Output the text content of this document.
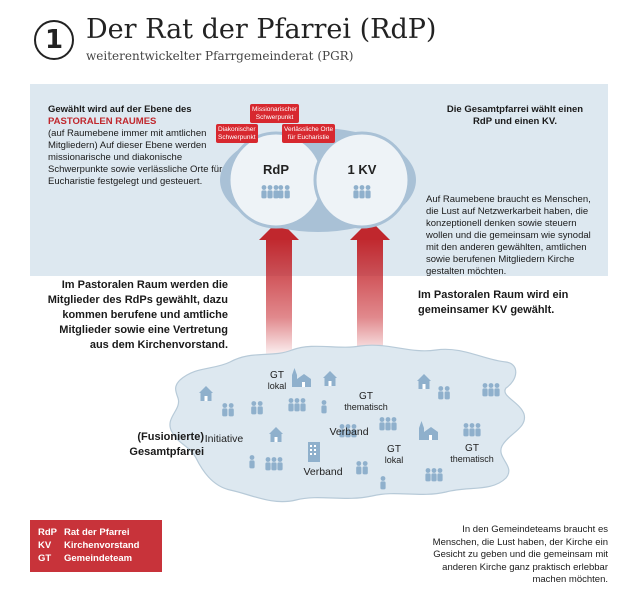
1 Der Rat der Pfarrei (RdP)
weiterentwickelter Pfarrgemeinderat (PGR)
RdP	1 KV
GT
lokal
GT
thematisch
Initiative
Verband
GT
lokal
GT
thematisch
Verband
Missionarischer
Schwerpunkt
Diakonischer
Schwerpunkt
Verlässliche Orte
für Eucharistie
Gewählt wird auf der Ebene des
PASTORALEN RAUMES
(auf Raumebene immer mit amtlichen Mitgliedern) Auf dieser Ebene werden missionarische und diakonische Schwerpunkte sowie verlässliche Orte für Eucharistie festgelegt und gesteuert.
Die Gesamtpfarrei wählt einen RdP und einen KV.
Auf Raumebene braucht es Menschen, die Lust auf Netzwerkarbeit haben, die konzeptionell denken sowie steuern wollen und die gemeinsam wie synodal mit den anderen gewählten, amtlichen sowie berufenen Mitgliedern Kirche gestalten möchten.
Im Pastoralen Raum werden die Mitglieder des RdPs gewählt, dazu kommen berufene und amtliche Mitglieder sowie eine Vertretung aus dem Kirchenvorstand.
Im Pastoralen Raum wird ein gemeinsamer KV gewählt.
(Fusionierte) Gesamtpfarrei
RdP Rat der Pfarrei
KV	Kirchenvorstand
GT	Gemeindeteam
In den Gemeindeteams braucht es Menschen, die Lust haben, der Kirche ein Gesicht zu geben und die gemeinsam mit anderen Kirche ganz praktisch erlebbar machen möchten.
